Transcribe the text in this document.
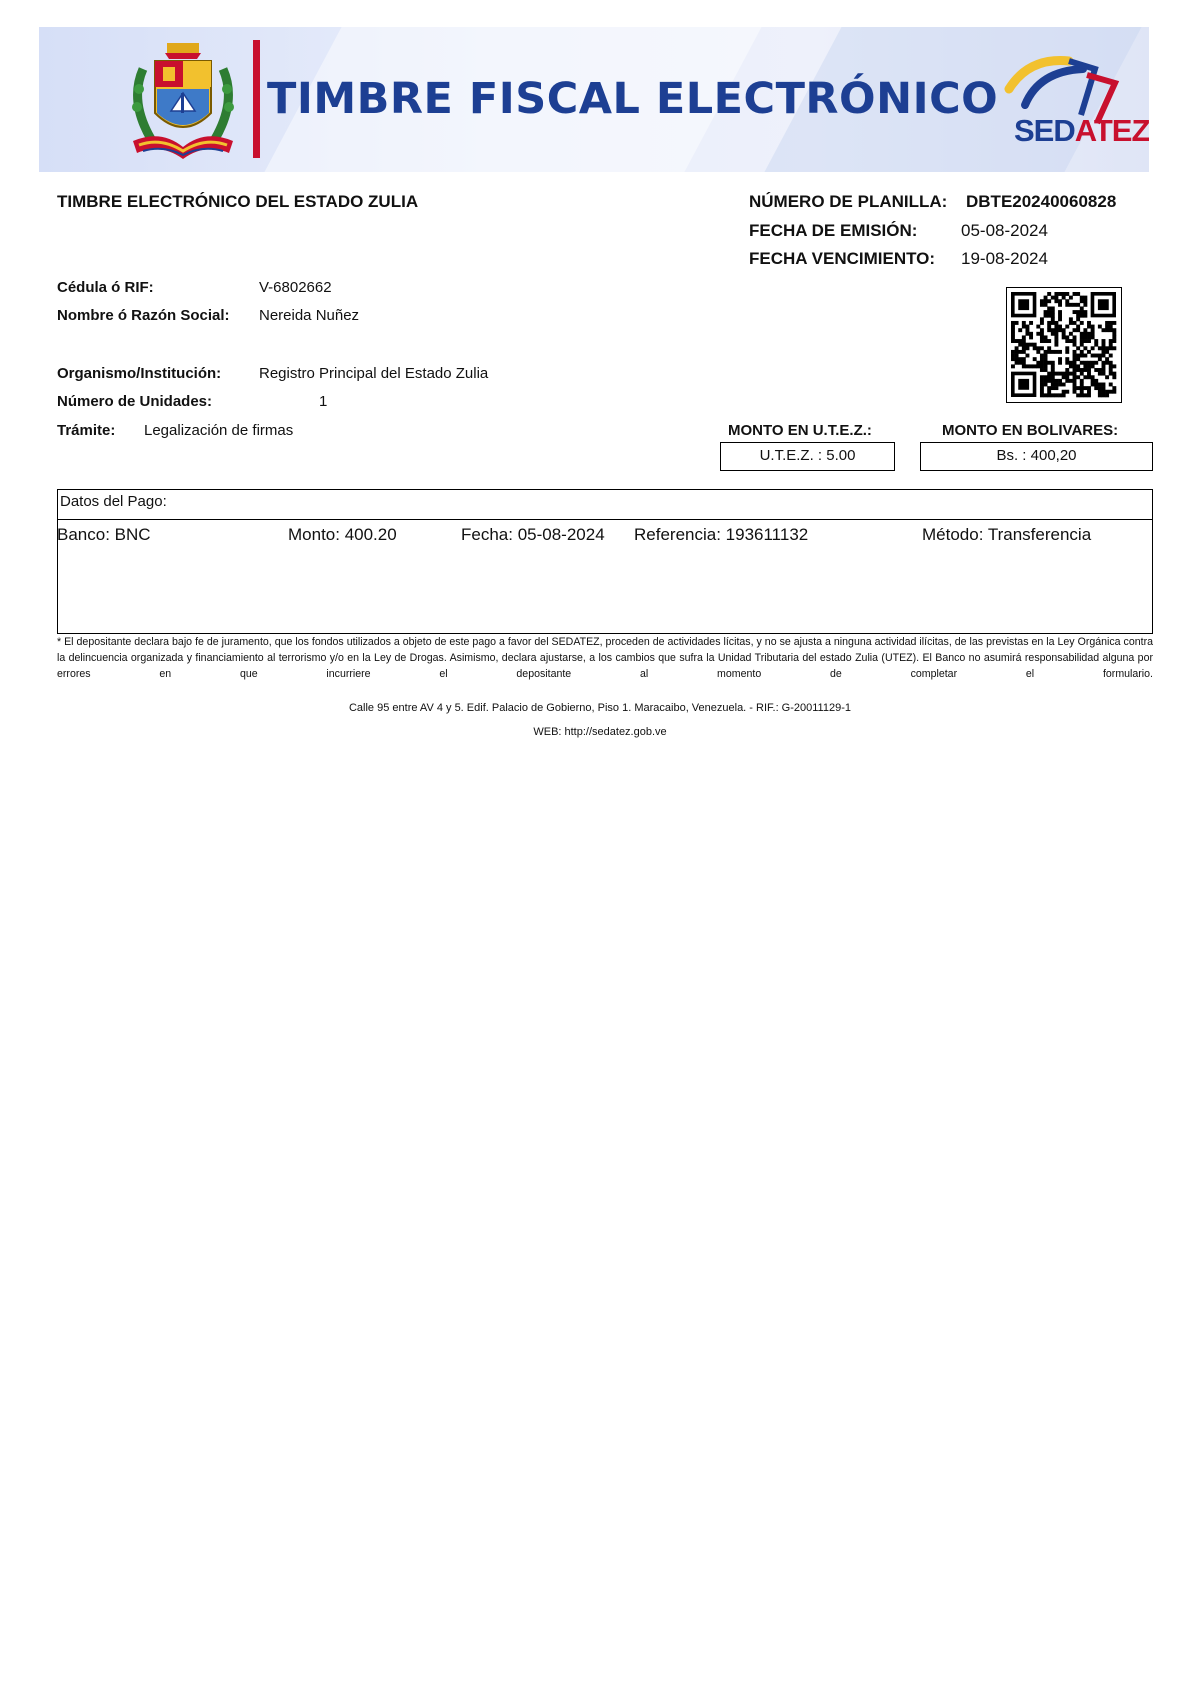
TIMBRE FISCAL ELECTRÓNICO
SEDATEZ
TIMBRE ELECTRÓNICO DEL ESTADO ZULIA	NÚMERO DE PLANILLA: DBTE20240060828
FECHA DE EMISIÓN:	05-08-2024
FECHA VENCIMIENTO: 19-08-2024
Cédula ó RIF:	V-6802662
Nombre ó Razón Social: Nereida Nuñez
Organismo/Institución:	Registro Principal del Estado Zulia
Número de Unidades:	1
Trámite: Legalización de firmas	MONTO EN U.T.E.Z.:	MONTO EN BOLIVARES:
U.T.E.Z. : 5.00	Bs. : 400,20
Datos del Pago:
Banco: BNC	Monto: 400.20	Fecha: 05-08-2024 Referencia: 193611132	Método: Transferencia
* El depositante declara bajo fe de juramento, que los fondos utilizados a objeto de este pago a favor del SEDATEZ, proceden de actividades lícitas, y no se ajusta a ninguna actividad ilícitas, de las previstas en la Ley Orgánica contra la delincuencia organizada y financiamiento al terrorismo y/o en la Ley de Drogas. Asimismo, declara ajustarse, a los cambios que sufra la Unidad Tributaria del estado Zulia (UTEZ). El Banco no asumirá responsabilidad alguna por errores en que incurriere el depositante al momento de completar el formulario.
Calle 95 entre AV 4 y 5. Edif. Palacio de Gobierno, Piso 1. Maracaibo, Venezuela. - RIF.: G-20011129-1
WEB: http://sedatez.gob.ve
